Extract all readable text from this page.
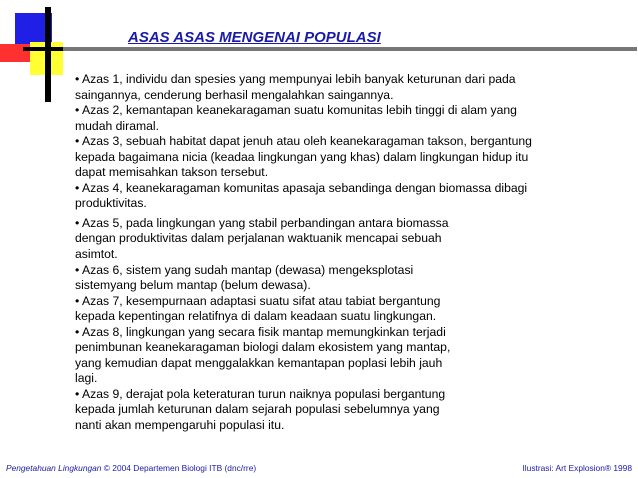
ASAS ASAS MENGENAI POPULASI

• Azas 1, individu dan spesies yang mempunyai lebih banyak keturunan dari pada saingannya, cenderung berhasil mengalahkan saingannya.

• Azas 2, kemantapan keanekaragaman suatu komunitas lebih tinggi di alam yang mudah diramal.

• Azas 3, sebuah habitat dapat jenuh atau oleh keanekaragaman takson, bergantung kepada bagaimana nicia (keadaa lingkungan yang khas) dalam lingkungan hidup itu dapat memisahkan takson tersebut.

• Azas 4, keanekaragaman komunitas apasaja sebandinga dengan biomassa dibagi produktivitas.

• Azas 5, pada lingkungan yang stabil perbandingan antara biomassa dengan produktivitas dalam perjalanan waktuanik mencapai sebuah asimtot.

• Azas 6, sistem yang sudah mantap (dewasa) mengeksplotasi sistemyang belum mantap (belum dewasa).

• Azas 7, kesempurnaan adaptasi suatu sifat atau tabiat bergantung kepada kepentingan relatifnya di dalam keadaan suatu lingkungan.

• Azas 8, lingkungan yang secara fisik mantap memungkinkan terjadi penimbunan keanekaragaman biologi dalam ekosistem yang mantap, yang kemudian dapat menggalakkan kemantapan poplasi lebih jauh lagi.

• Azas 9, derajat pola keteraturan turun naiknya populasi bergantung kepada jumlah keturunan dalam sejarah populasi sebelumnya yang nanti akan mempengaruhi populasi itu.

Pengetahuan Lingkungan © 2004 Departemen Biologi ITB (dnc/rre)	Ilustrasi: Art Explosion® 1998
